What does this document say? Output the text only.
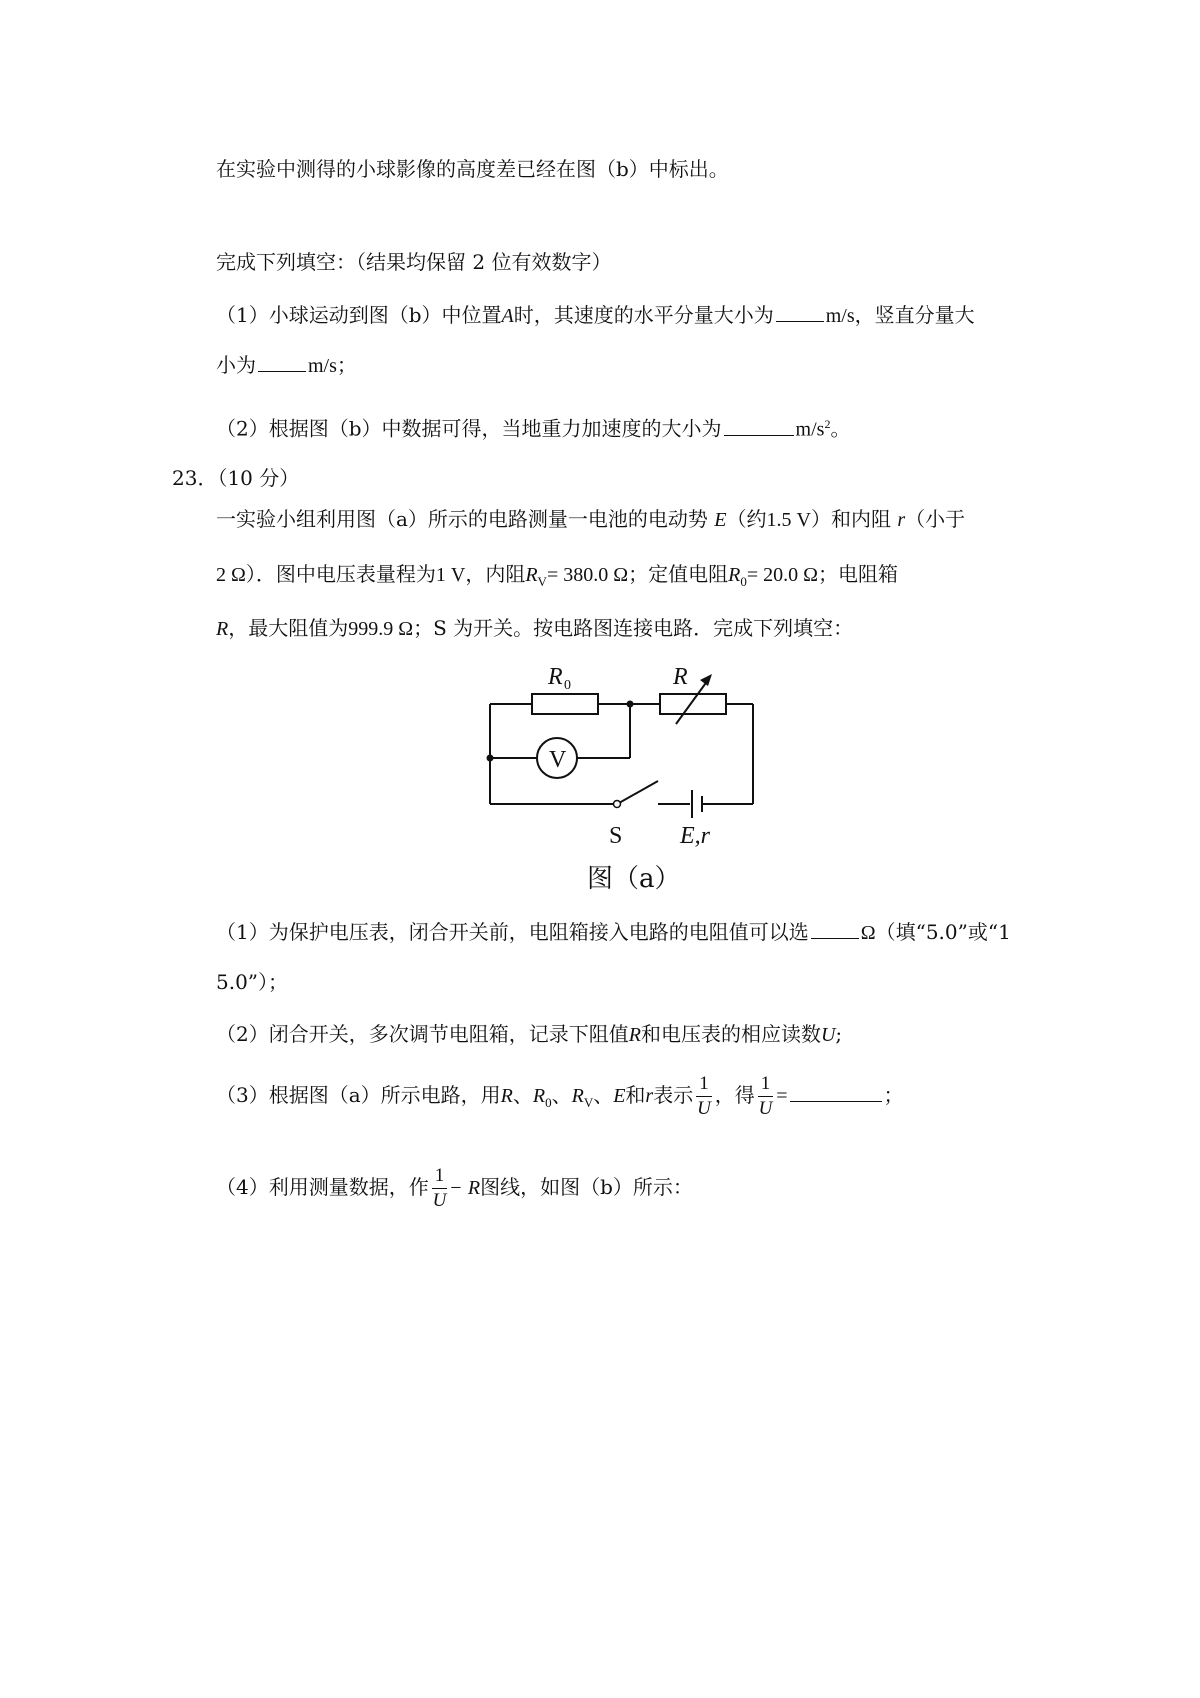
在实验中测得的小球影像的高度差已经在图（b）中标出。
完成下列填空：（结果均保留 2 位有效数字）
（1）小球运动到图（b）中位置A时，其速度的水平分量大小为	m/s，竖直分量大
小为	m/s；
（2）根据图（b）中数据可得，当地重力加速度的大小为	$m/s^2$。
23．（10 分）
一实验小组利用图（a）所示的电路测量一电池的电动势 E（约1.5 V）和内阻 r（小于
2 Ω）．图中电压表量程为1 V，内阻$R_V= 380.0$ Ω；定值电阻$R_0= 20.0$ Ω；电阻箱
R，最大阻值为999.9 Ω；S 为开关。按电路图连接电路．完成下列填空：
R 0	R
V
S E,r
图（a）
（1）为保护电压表，闭合开关前，电阻箱接入电路的电阻值可以选	Ω（填“5.0”或“1
5.0”）；
（2）闭合开关，多次调节电阻箱，记录下阻值R和电压表的相应读数U;
（3）根据图（a）所示电路，用R、$R_0$、$R_V$、E和r表示 $\frac{1}{U}$ ，得 $\frac{1}{U}$ =	；
（4）利用测量数据，作 $\frac{1}{U} - R$图线，如图（b）所示：
